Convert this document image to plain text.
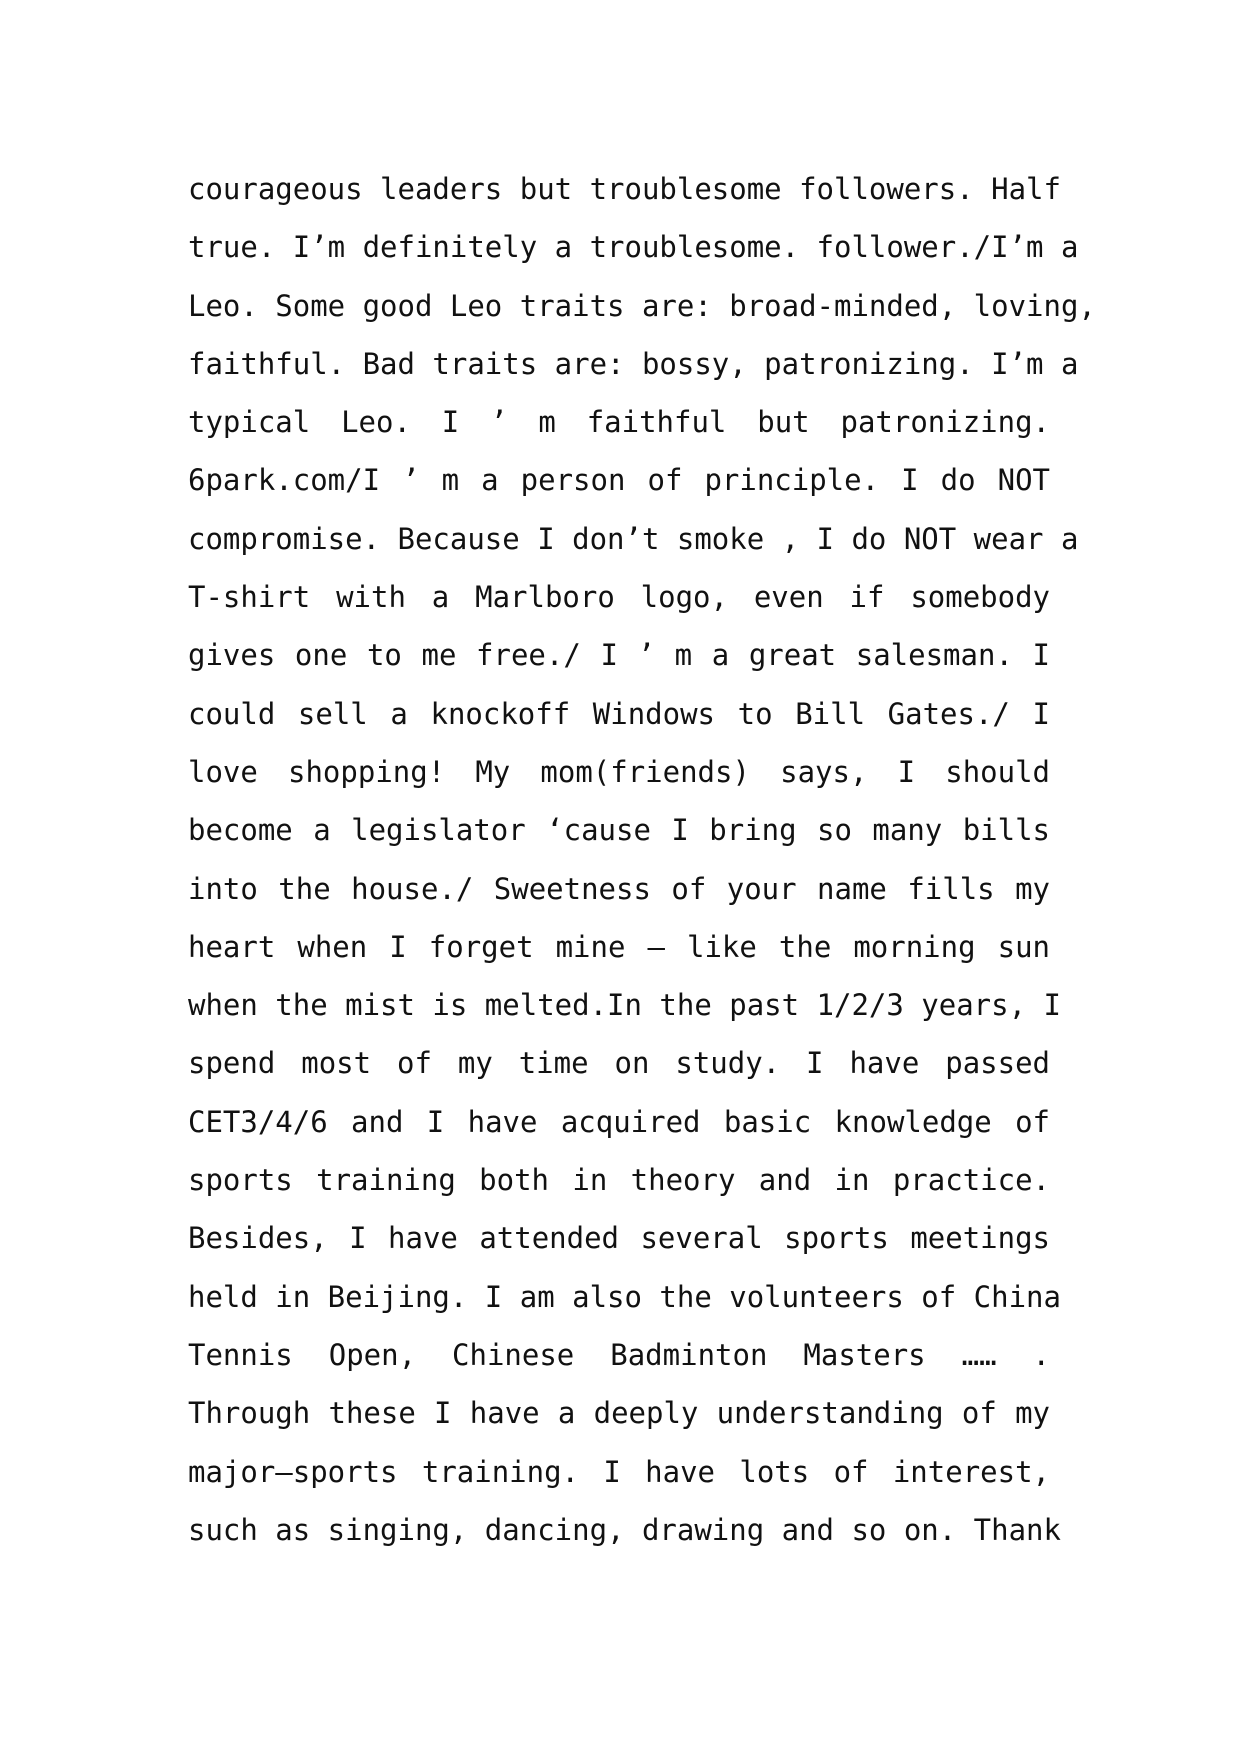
courageous leaders but troublesome followers. Half
true. I’m definitely a troublesome. follower./I’m a
Leo. Some good Leo traits are: broad-minded, loving,
faithful. Bad traits are: bossy, patronizing. I’m a
typical Leo. I ’ m faithful but patronizing.
6park.com/I ’ m a person of principle. I do NOT
compromise. Because I don’t smoke , I do NOT wear a
T-shirt with a Marlboro logo, even if somebody
gives one to me free./ I ’ m a great salesman. I
could sell a knockoff Windows to Bill Gates./ I
love shopping! My mom(friends) says, I should
become a legislator ‘cause I bring so many bills
into the house./ Sweetness of your name fills my
heart when I forget mine — like the morning sun
when the mist is melted.In the past 1/2/3 years, I
spend most of my time on study. I have passed
CET3/4/6 and I have acquired basic knowledge of
sports training both in theory and in practice.
Besides, I have attended several sports meetings
held in Beijing. I am also the volunteers of China
Tennis Open, Chinese Badminton Masters …… .
Through these I have a deeply understanding of my
major—sports training. I have lots of interest,
such as singing, dancing, drawing and so on. Thank
